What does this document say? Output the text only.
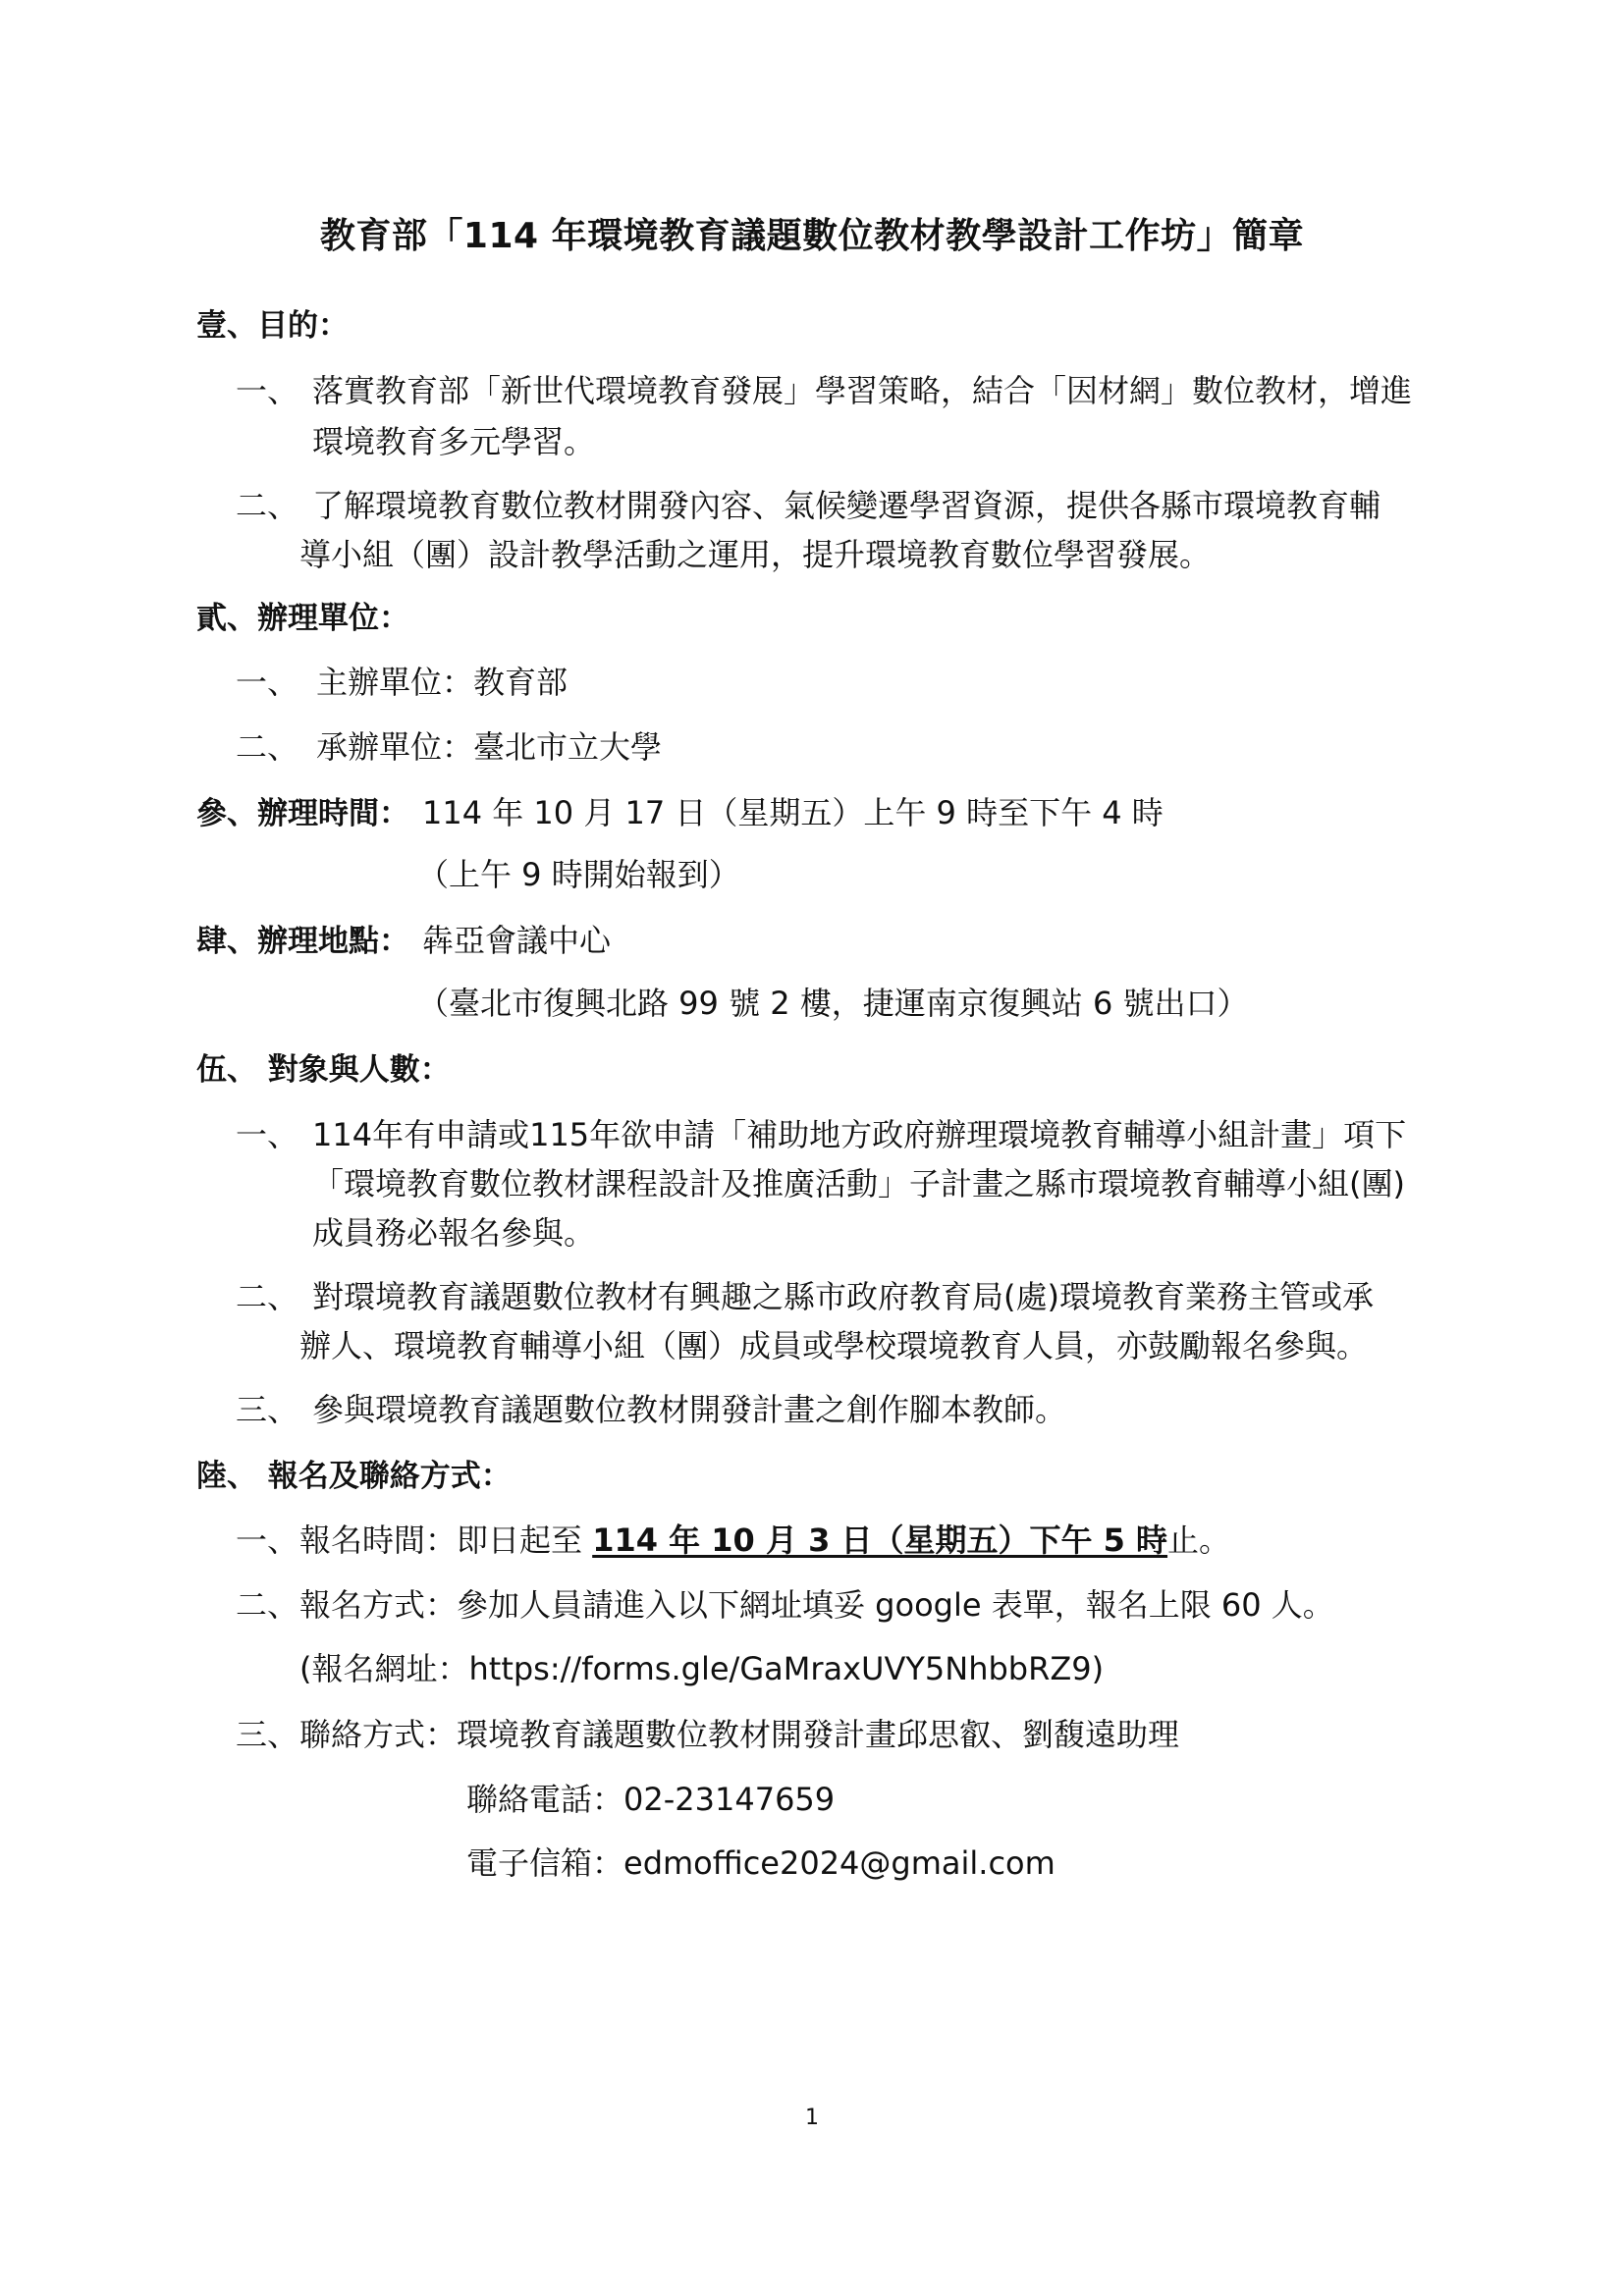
教育部「114 年環境教育議題數位教材教學設計工作坊」簡章
壹、目的：
一、 落實教育部「新世代環境教育發展」學習策略，結合「因材網」數位教材，增進
環境教育多元學習。
二、 了解環境教育數位教材開發內容、氣候變遷學習資源，提供各縣市環境教育輔
導小組（團）設計教學活動之運用，提升環境教育數位學習發展。
貳、辦理單位：
一、 主辦單位：教育部
二、 承辦單位：臺北市立大學
參、辦理時間： 114 年 10 月 17 日（星期五）上午 9 時至下午 4 時
（上午 9 時開始報到）
肆、辦理地點： 犇亞會議中心
（臺北市復興北路 99 號 2 樓，捷運南京復興站 6 號出口）
伍、 對象與人數：
一、 114年有申請或115年欲申請「補助地方政府辦理環境教育輔導小組計畫」項下
「環境教育數位教材課程設計及推廣活動」子計畫之縣市環境教育輔導小組(團)
成員務必報名參與。
二、 對環境教育議題數位教材有興趣之縣市政府教育局(處)環境教育業務主管或承
辦人、環境教育輔導小組（團）成員或學校環境教育人員，亦鼓勵報名參與。
三、 參與環境教育議題數位教材開發計畫之創作腳本教師。
陸、 報名及聯絡方式：
一、 報名時間：即日起至 114 年 10 月 3 日（星期五）下午 5 時止。
二、 報名方式：參加人員請進入以下網址填妥 google 表單，報名上限 60 人。
(報名網址：https://forms.gle/GaMraxUVY5NhbbRZ9)
三、 聯絡方式：環境教育議題數位教材開發計畫邱思叡、劉馥遠助理
聯絡電話：02-23147659
電子信箱：edmoffice2024@gmail.com
1
